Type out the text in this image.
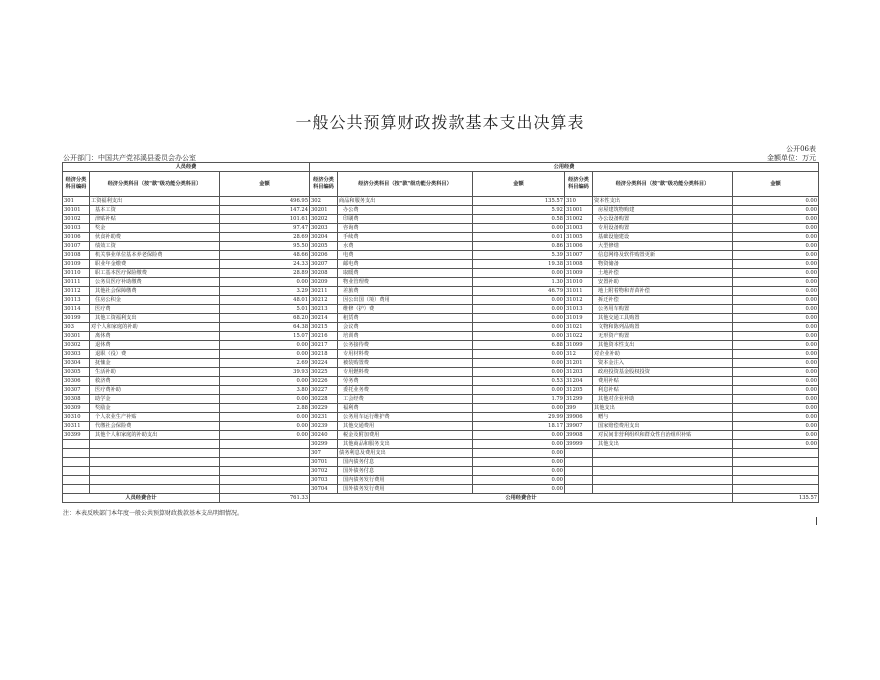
一般公共预算财政拨款基本支出决算表
公开06表
公开部门：中国共产党祁溪县委员会办公室	金额单位：万元
人员经费			公用经费					
经济分类科目编码	经济分类科目（按"款"级功能分类科目）	金额	经济分类科目编码	经济分类科目（按"款"级功能分类科目）	金额	经济分类科目编码	经济分类科目（按"款"级功能分类科目）	金额
301	工资福利支出	496.95	302	商品和服务支出	135.57	310	资本性支出	0.00
30101	基本工资	147.24	30201	办公费	5.92	31001	房屋建筑物购建	0.00
30102	津贴补贴	101.61	30202	印刷费	0.58	31002	办公设备购置	0.00
30103	奖金	97.47	30203	咨询费	0.00	31003	专用设备购置	0.00
30106	伙食补助费	28.69	30204	手续费	0.01	31005	基础设施建设	0.00
30107	绩效工资	95.50	30205	水费	0.86	31006	大型修缮	0.00
30108	机关事业单位基本养老保险费	48.66	30206	电费	5.39	31007	信息网络及软件购置更新	0.00
30109	职业年金缴费	24.33	30207	邮电费	19.38	31008	物资储备	0.00
30110	职工基本医疗保险缴费	28.89	30208	取暖费	0.00	31009	土地补偿	0.00
30111	公务员医疗补助缴费	0.00	30209	物业管理费	1.30	31010	安置补助	0.00
30112	其他社会保障缴费	3.29	30211	差旅费	46.79	31011	地上附着物和青苗补偿	0.00
30113	住房公积金	48.01	30212	因公出国（境）费用	0.00	31012	拆迁补偿	0.00
30114	医疗费	5.01	30213	维修（护）费	0.00	31013	公务用车购置	0.00
30199	其他工资福利支出	68.20	30214	租赁费	0.00	31019	其他交通工具购置	0.00
303	对个人和家庭的补助	64.38	30215	会议费	0.00	31021	文物和陈列品购置	0.00
30301	离休费	15.07	30216	培训费	0.00	31022	无形资产购置	0.00
30302	退休费	0.00	30217	公务接待费	6.88	31099	其他资本性支出	0.00
30303	退职（役）费	0.00	30218	专用材料费	0.00	312	对企业补助	0.00
30304	抚恤金	2.69	30224	被装购置费	0.00	31201	资本金注入	0.00
30305	生活补助	39.93	30225	专用燃料费	0.00	31203	政府投资基金股权投资	0.00
30306	救济费	0.00	30226	劳务费	0.53	31204	费用补贴	0.00
30307	医疗费补助	3.80	30227	委托业务费	0.00	31205	利息补贴	0.00
30308	助学金	0.00	30228	工会经费	1.79	31299	其他对企业补助	0.00
30309	奖励金	2.88	30229	福利费	0.00	399	其他支出	0.00
30310	个人农业生产补贴	0.00	30231	公务用车运行维护费	29.99	39906	赠与	0.00
30311	代缴社会保险费	0.00	30239	其他交通费用	18.17	39907	国家赔偿费用支出	0.00
30399	其他个人和家庭的补助支出	0.00	30240	税金及附加费用	0.00	39908	对民间非营利组织和群众性自治组织补贴	0.00
			30299	其他商品和服务支出	0.00	39999	其他支出	0.00
			307	债务利息及费用支出	0.00			
			30701	国内债务付息	0.00			
			30702	国外债务付息	0.00			
			30703	国内债务发行费用	0.00			
			30704	国外债务发行费用	0.00			
人员经费合计		761.33	公用经费合计					135.57
注：本表反映部门本年度一般公共预算财政拨款基本支出明细情况。
